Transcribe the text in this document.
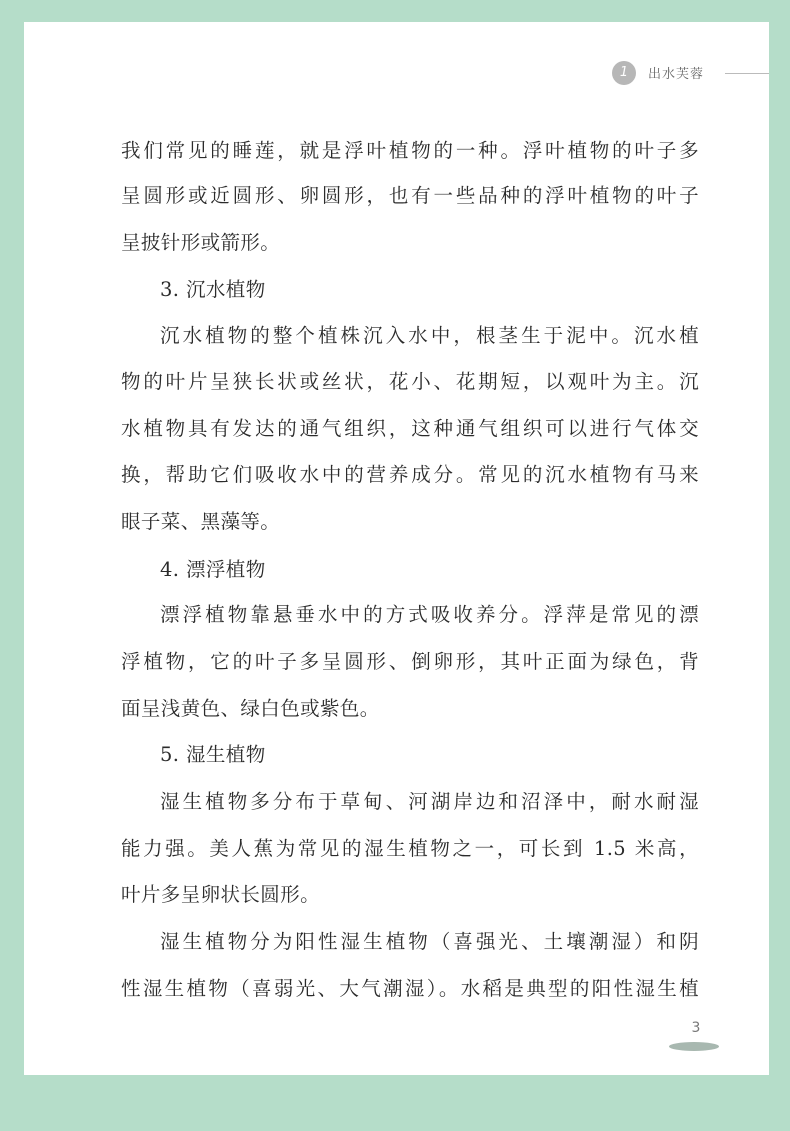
1	出水芙蓉
我们常见的睡莲，就是浮叶植物的一种。浮叶植物的叶子多
呈圆形或近圆形、卵圆形，也有一些品种的浮叶植物的叶子
呈披针形或箭形。
3. 沉水植物
沉水植物的整个植株沉入水中，根茎生于泥中。沉水植
物的叶片呈狭长状或丝状，花小、花期短，以观叶为主。沉
水植物具有发达的通气组织，这种通气组织可以进行气体交
换，帮助它们吸收水中的营养成分。常见的沉水植物有马来
眼子菜、黑藻等。
4. 漂浮植物
漂浮植物靠悬垂水中的方式吸收养分。浮萍是常见的漂
浮植物，它的叶子多呈圆形、倒卵形，其叶正面为绿色，背
面呈浅黄色、绿白色或紫色。
5. 湿生植物
湿生植物多分布于草甸、河湖岸边和沼泽中，耐水耐湿
能力强。美人蕉为常见的湿生植物之一，可长到 1.5 米高，
叶片多呈卵状长圆形。
湿生植物分为阳性湿生植物（喜强光、土壤潮湿）和阴
性湿生植物（喜弱光、大气潮湿）。水稻是典型的阳性湿生植
3
